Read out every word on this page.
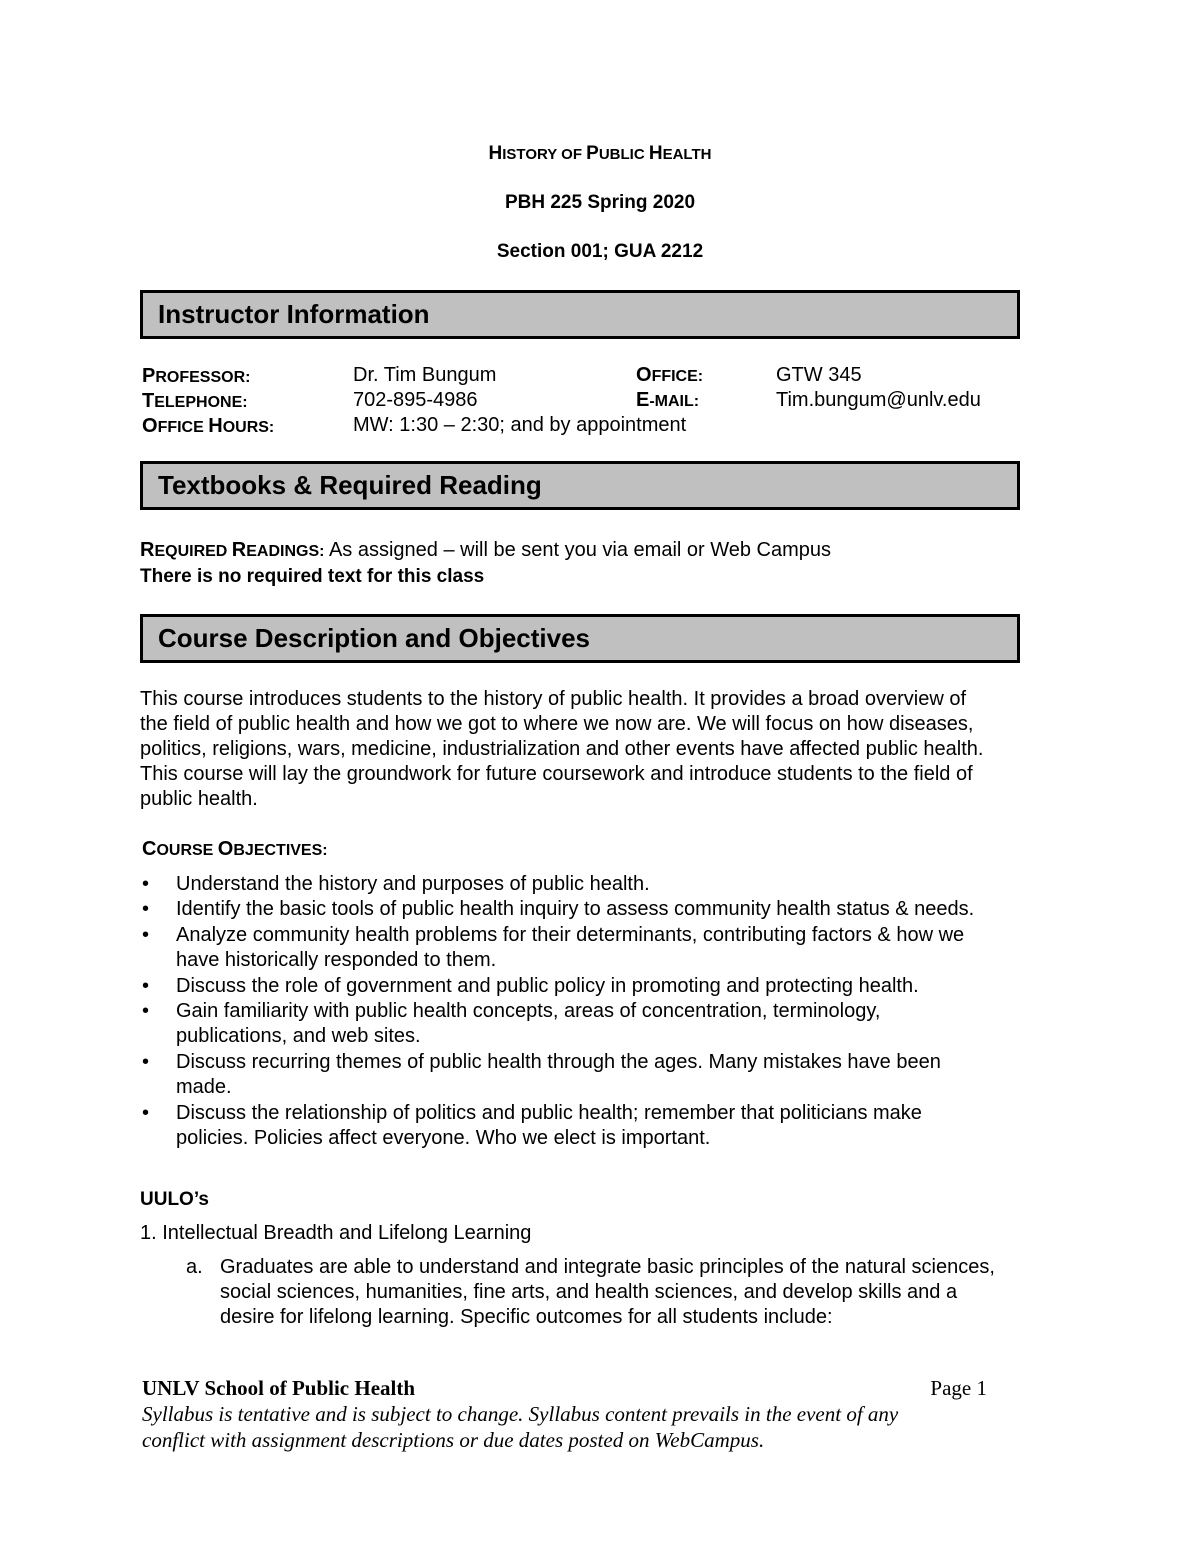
HISTORY OF PUBLIC HEALTH
PBH 225 Spring 2020
Section 001; GUA 2212
Instructor Information
PROFESSOR:	Dr. Tim Bungum	OFFICE:	GTW 345
TELEPHONE:	702-895-4986	E-MAIL:	Tim.bungum@unlv.edu
OFFICE HOURS:	MW: 1:30 – 2:30; and by appointment
Textbooks & Required Reading
REQUIRED READINGS: As assigned – will be sent you via email or Web Campus
There is no required text for this class
Course Description and Objectives
This course introduces students to the history of public health. It provides a broad overview of
the field of public health and how we got to where we now are. We will focus on how diseases,
politics, religions, wars, medicine, industrialization and other events have affected public health.
This course will lay the groundwork for future coursework and introduce students to the field of
public health.
COURSE OBJECTIVES:
• Understand the history and purposes of public health.
• Identify the basic tools of public health inquiry to assess community health status & needs.
• Analyze community health problems for their determinants, contributing factors & how we
have historically responded to them.
• Discuss the role of government and public policy in promoting and protecting health.
• Gain familiarity with public health concepts, areas of concentration, terminology,
publications, and web sites.
• Discuss recurring themes of public health through the ages. Many mistakes have been
made.
• Discuss the relationship of politics and public health; remember that politicians make
policies. Policies affect everyone. Who we elect is important.
UULO’s
1. Intellectual Breadth and Lifelong Learning
a. Graduates are able to understand and integrate basic principles of the natural sciences,
social sciences, humanities, fine arts, and health sciences, and develop skills and a
desire for lifelong learning. Specific outcomes for all students include:
UNLV School of Public Health	Page 1
Syllabus is tentative and is subject to change. Syllabus content prevails in the event of any
conflict with assignment descriptions or due dates posted on WebCampus.
